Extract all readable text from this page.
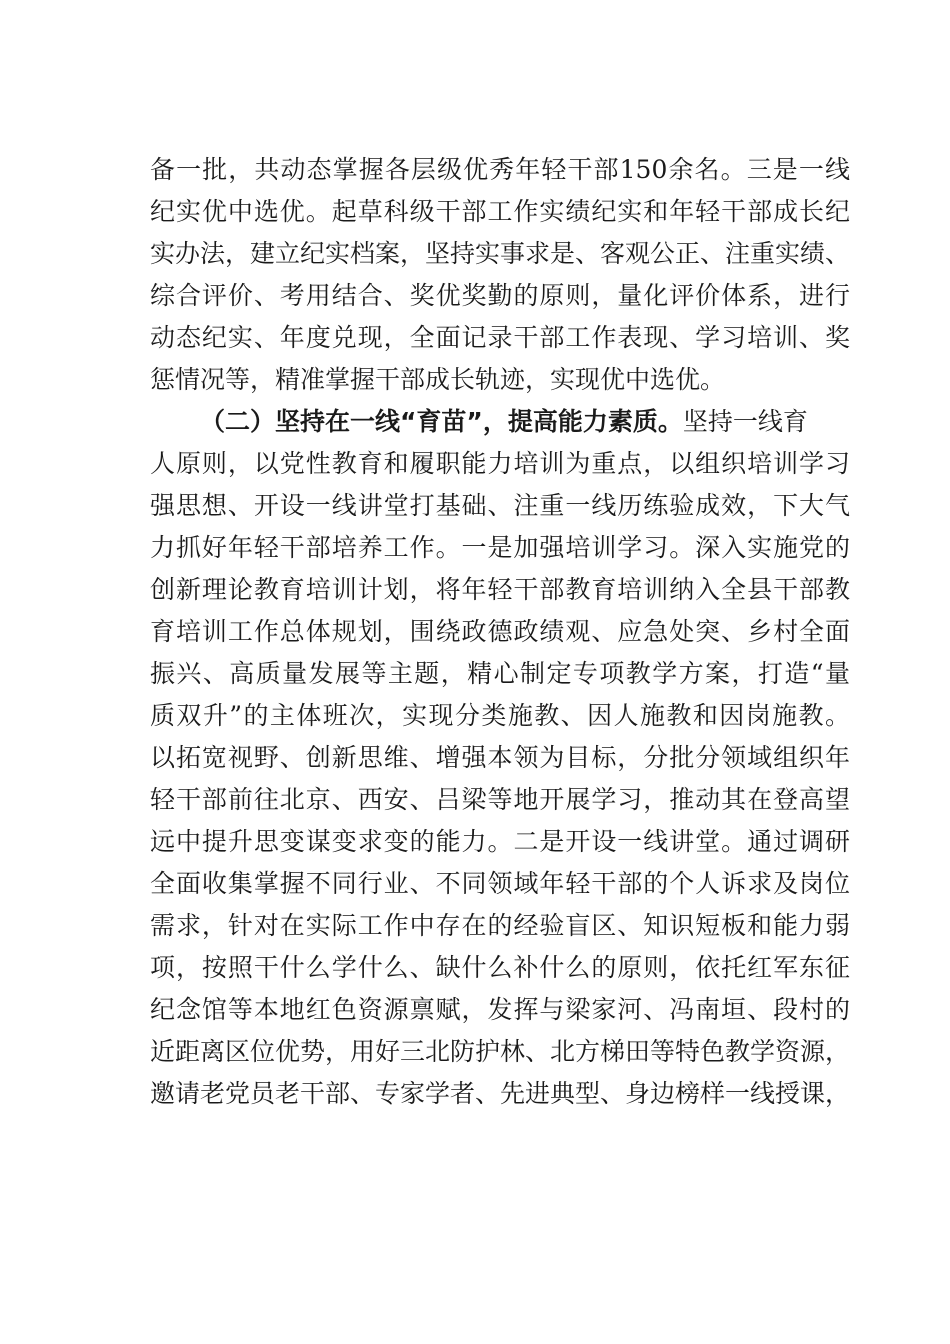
备一批，共动态掌握各层级优秀年轻干部150余名。三是一线
纪实优中选优。起草科级干部工作实绩纪实和年轻干部成长纪
实办法，建立纪实档案，坚持实事求是、客观公正、注重实绩、
综合评价、考用结合、奖优奖勤的原则，量化评价体系，进行
动态纪实、年度兑现，全面记录干部工作表现、学习培训、奖
惩情况等，精准掌握干部成长轨迹，实现优中选优。
（二）坚持在一线“育苗”，提高能力素质。坚持一线育
人原则，以党性教育和履职能力培训为重点，以组织培训学习
强思想、开设一线讲堂打基础、注重一线历练验成效，下大气
力抓好年轻干部培养工作。一是加强培训学习。深入实施党的
创新理论教育培训计划，将年轻干部教育培训纳入全县干部教
育培训工作总体规划，围绕政德政绩观、应急处突、乡村全面
振兴、高质量发展等主题，精心制定专项教学方案，打造“量
质双升”的主体班次，实现分类施教、因人施教和因岗施教。
以拓宽视野、创新思维、增强本领为目标，分批分领域组织年
轻干部前往北京、西安、吕梁等地开展学习，推动其在登高望
远中提升思变谋变求变的能力。二是开设一线讲堂。通过调研
全面收集掌握不同行业、不同领域年轻干部的个人诉求及岗位
需求，针对在实际工作中存在的经验盲区、知识短板和能力弱
项，按照干什么学什么、缺什么补什么的原则，依托红军东征
纪念馆等本地红色资源禀赋，发挥与梁家河、冯南垣、段村的
近距离区位优势，用好三北防护林、北方梯田等特色教学资源，
邀请老党员老干部、专家学者、先进典型、身边榜样一线授课，
